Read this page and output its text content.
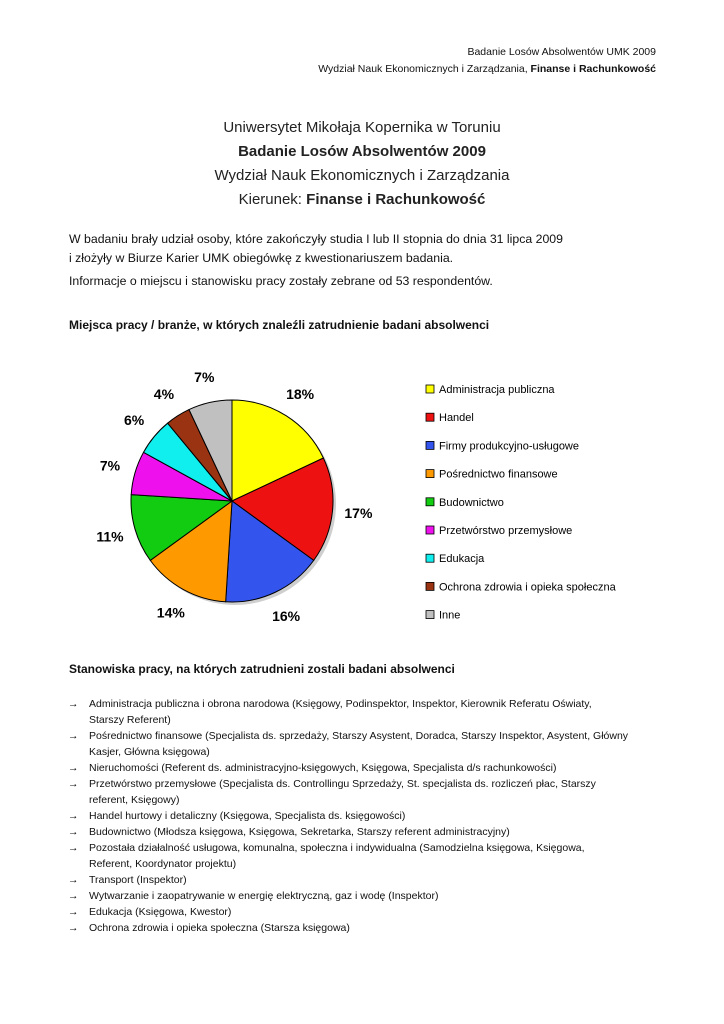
Badanie Losów Absolwentów UMK 2009
Wydział Nauk Ekonomicznych i Zarządzania, Finanse i Rachunkowość
Uniwersytet Mikołaja Kopernika w Toruniu
Badanie Losów Absolwentów 2009
Wydział Nauk Ekonomicznych i Zarządzania
Kierunek: Finanse i Rachunkowość

W badaniu brały udział osoby, które zakończyły studia I lub II stopnia do dnia 31 lipca 2009

i złożyły w Biurze Karier UMK obiegówkę z kwestionariuszem badania.

Informacje o miejscu i stanowisku pracy zostały zebrane od 53 respondentów.

Miejsca pracy / branże, w których znaleźli zatrudnienie badani absolwenci
18%
17%
16%
14%
11%
7%
6%
4%
7%
Administracja publiczna
Handel
Firmy produkcyjno-usługowe
Pośrednictwo finansowe
Budownictwo
Przetwórstwo przemysłowe
Edukacja
Ochrona zdrowia i opieka społeczna
Inne
Stanowiska pracy, na których zatrudnieni zostali badani absolwenci
→ Administracja publiczna i obrona narodowa (Księgowy, Podinspektor, Inspektor, Kierownik Referatu Oświaty,
Starszy Referent)
→ Pośrednictwo finansowe (Specjalista ds. sprzedaży, Starszy Asystent, Doradca, Starszy Inspektor, Asystent, Główny
Kasjer, Główna księgowa)
→ Nieruchomości (Referent ds. administracyjno-księgowych, Księgowa, Specjalista d/s rachunkowości)
→ Przetwórstwo przemysłowe (Specjalista ds. Controllingu Sprzedaży, St. specjalista ds. rozliczeń płac, Starszy
referent, Księgowy)
→ Handel hurtowy i detaliczny (Księgowa, Specjalista ds. księgowości)
→ Budownictwo (Młodsza księgowa, Księgowa, Sekretarka, Starszy referent administracyjny)
→ Pozostała działalność usługowa, komunalna, społeczna i indywidualna (Samodzielna księgowa, Księgowa,
Referent, Koordynator projektu)
→ Transport (Inspektor)
→ Wytwarzanie i zaopatrywanie w energię elektryczną, gaz i wodę (Inspektor)
→ Edukacja (Księgowa, Kwestor)
→ Ochrona zdrowia i opieka społeczna (Starsza księgowa)
